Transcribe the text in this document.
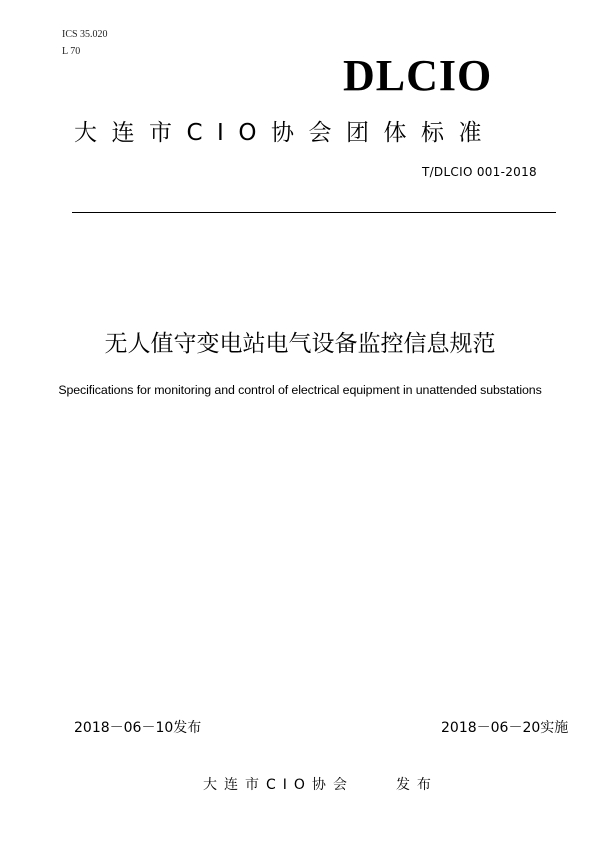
ICS 35.020
L 70	DLCIO
大连市CIO协会团体标准
T/DLCIO 001-2018
无人值守变电站电气设备监控信息规范
Specifications for monitoring and control of electrical equipment in unattended substations
2018－06－10发布	2018－06－20实施
大连市CIO协会	发布
